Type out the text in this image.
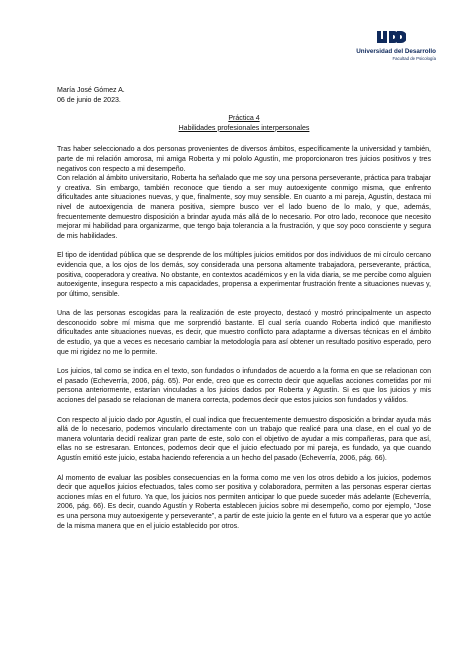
Universidad del Desarrollo
Facultad de Psicología

María José Gómez A.

06 de junio de 2023.

Práctica 4

Habilidades profesionales interpersonales

Tras haber seleccionado a dos personas provenientes de diversos ámbitos, específicamente la universidad y también, parte de mi relación amorosa, mi amiga Roberta y mi pololo Agustín, me proporcionaron tres juicios positivos y tres negativos con respecto a mi desempeño.

Con relación al ámbito universitario, Roberta ha señalado que me soy una persona perseverante, práctica para trabajar y creativa. Sin embargo, también reconoce que tiendo a ser muy autoexigente conmigo misma, que enfrento dificultades ante situaciones nuevas, y que, finalmente, soy muy sensible. En cuanto a mi pareja, Agustín, destaca mi nivel de autoexigencia de manera positiva, siempre busco ver el lado bueno de lo malo, y que, además, frecuentemente demuestro disposición a brindar ayuda más allá de lo necesario. Por otro lado, reconoce que necesito mejorar mi habilidad para organizarme, que tengo baja tolerancia a la frustración, y que soy poco consciente y segura de mis habilidades.

El tipo de identidad pública que se desprende de los múltiples juicios emitidos por dos individuos de mi círculo cercano evidencia que, a los ojos de los demás, soy considerada una persona altamente trabajadora, perseverante, práctica, positiva, cooperadora y creativa. No obstante, en contextos académicos y en la vida diaria, se me percibe como alguien autoexigente, insegura respecto a mis capacidades, propensa a experimentar frustración frente a situaciones nuevas y, por último, sensible.

Una de las personas escogidas para la realización de este proyecto, destacó y mostró principalmente un aspecto desconocido sobre mí misma que me sorprendió bastante. El cual sería cuando Roberta indicó que manifiesto dificultades ante situaciones nuevas, es decir, que muestro conflicto para adaptarme a diversas técnicas en el ámbito de estudio, ya que a veces es necesario cambiar la metodología para así obtener un resultado positivo esperado, pero que mi rigidez no me lo permite.

Los juicios, tal como se indica en el texto, son fundados o infundados de acuerdo a la forma en que se relacionan con el pasado (Echeverría, 2006, pág. 65). Por ende, creo que es correcto decir que aquellas acciones cometidas por mi persona anteriormente, estarían vinculadas a los juicios dados por Roberta y Agustín. Si es que los juicios y mis acciones del pasado se relacionan de manera correcta, podemos decir que estos juicios son fundados y válidos.

Con respecto al juicio dado por Agustín, el cual indica que frecuentemente demuestro disposición a brindar ayuda más allá de lo necesario, podemos vincularlo directamente con un trabajo que realicé para una clase, en el cual yo de manera voluntaria decidí realizar gran parte de este, solo con el objetivo de ayudar a mis compañeras, para que así, ellas no se estresaran. Entonces, podemos decir que el juicio efectuado por mi pareja, es fundado, ya que cuando Agustín emitió este juicio, estaba haciendo referencia a un hecho del pasado (Echeverría, 2006, pág. 66).

Al momento de evaluar las posibles consecuencias en la forma como me ven los otros debido a los juicios, podemos decir que aquellos juicios efectuados, tales como ser positiva y colaboradora, permiten a las personas esperar ciertas acciones mías en el futuro. Ya que, los juicios nos permiten anticipar lo que puede suceder más adelante (Echeverría, 2006, pág. 66). Es decir, cuando Agustín y Roberta establecen juicios sobre mi desempeño, como por ejemplo, “Jose es una persona muy autoexigente y perseverante”, a partir de este juicio la gente en el futuro va a esperar que yo actúe de la misma manera que en el juicio establecido por otros.
